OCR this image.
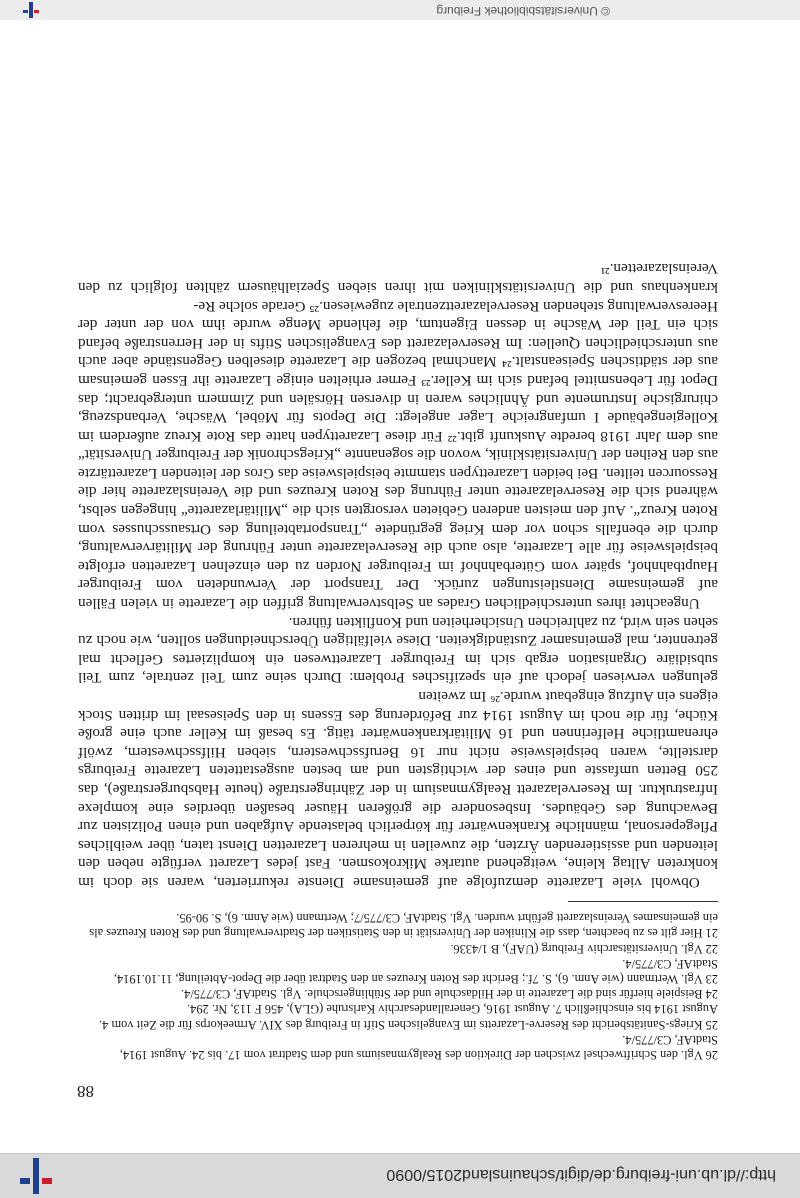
http://dl.ub.uni-freiburg.de/digit/schauinsland2015/0090
88

26 Vgl. den Schriftwechsel zwischen der Direktion des Realgymnasiums und dem Stadtrat vom 17. bis 24. August 1914, StadtAF, C3/775/4.

25 Kriegs-Sanitätsbericht des Reserve-Lazaretts im Evangelischen Stift in Freiburg des XIV. Armeekorps für die Zeit vom 4. August 1914 bis einschließlich 7. August 1916, Generallandesarchiv Karlsruhe (GLA), 456 F 113, Nr. 294.

24 Beispiele hierfür sind die Lazarette in der Hildaschule und der Stühlingerschule. Vgl. StadtAF, C3/775/4.

23 Vgl. Wertmann (wie Anm. 6), S. 7f.; Bericht des Roten Kreuzes an den Stadtrat über die Depot-Abteilung, 11.10.1914, StadtAF, C3/775/4.

22 Vgl. Universitätsarchiv Freiburg (UAF), B 1/4336.

21 Hier gilt es zu beachten, dass die Kliniken der Universität in den Statistiken der Stadtverwaltung und des Roten Kreuzes als ein gemeinsames Vereinslazarett geführt wurden. Vgl. StadtAF, C3/775/7; Wertmann (wie Anm. 6), S. 90-95.

Obwohl viele Lazarette demzufolge auf gemeinsame Dienste rekurrierten, waren sie doch im konkreten Alltag kleine, weitgehend autarke Mikrokosmen. Fast jedes Lazarett verfügte neben den leitenden und assistierenden Ärzten, die zuweilen in mehreren Lazaretten Dienst taten, über weibliches Pflegepersonal, männliche Krankenwärter für körperlich belastende Aufgaben und einen Polizisten zur Bewachung des Gebäudes. Insbesondere die größeren Häuser besaßen überdies eine komplexe Infrastruktur. Im Reservelazarett Realgymnasium in der Zähringerstraße (heute Habsburgerstraße), das 250 Betten umfasste und eines der wichtigsten und am besten ausgestatteten Lazarette Freiburgs darstellte, waren beispielsweise nicht nur 16 Berufsschwestern, sieben Hilfsschwestern, zwölf ehrenamtliche Helferinnen und 16 Militärkrankenwärter tätig. Es besaß im Keller auch eine große Küche, für die noch im August 1914 zur Beförderung des Essens in den Speisesaal im dritten Stock eigens ein Aufzug eingebaut wurde.²⁶ Im zweiten

gelungen verwiesen jedoch auf ein spezifisches Problem: Durch seine zum Teil zentrale, zum Teil subsidiäre Organisation ergab sich im Freiburger Lazarettwesen ein kompliziertes Geflecht mal getrennter, mal gemeinsamer Zuständigkeiten. Diese vielfältigen Überschneidungen sollten, wie noch zu sehen sein wird, zu zahlreichen Unsicherheiten und Konflikten führen.

Ungeachtet ihres unterschiedlichen Grades an Selbstverwaltung griffen die Lazarette in vielen Fällen auf gemeinsame Dienstleistungen zurück. Der Transport der Verwundeten vom Freiburger Hauptbahnhof, später vom Güterbahnhof im Freiburger Norden zu den einzelnen Lazaretten erfolgte beispielsweise für alle Lazarette, also auch die Reservelazarette unter Führung der Militärverwaltung, durch die ebenfalls schon vor dem Krieg gegründete „Transportabteilung des Ortsausschusses vom Roten Kreuz“. Auf den meisten anderen Gebieten versorgten sich die „Militärlazarette“ hingegen selbst, während sich die Reservelazarette unter Führung des Roten Kreuzes und die Vereinslazarette hier die Ressourcen teilten. Bei beiden Lazarettypen stammte beispielsweise das Gros der leitenden Lazarettärzte aus den Reihen der Universitätsklinik, wovon die sogenannte „Kriegschronik der Freiburger Universität“ aus dem Jahr 1918 beredte Auskunft gibt.²² Für diese Lazarettypen hatte das Rote Kreuz außerdem im Kollegiengebäude I umfangreiche Lager angelegt: Die Depots für Möbel, Wäsche, Verbandszeug, chirurgische Instrumente und Ähnliches waren in diversen Hörsälen und Zimmern untergebracht; das Depot für Lebensmittel befand sich im Keller.²³ Ferner erhielten einige Lazarette ihr Essen gemeinsam aus der städtischen Speiseanstalt.²⁴ Manchmal bezogen die Lazarette dieselben Gegenstände aber auch aus unterschiedlichen Quellen: Im Reservelazarett des Evangelischen Stifts in der Herrenstraße befand sich ein Teil der Wäsche in dessen Eigentum, die fehlende Menge wurde ihm von der unter der Heeresverwaltung stehenden Reservelazarettzentrale zugewiesen.²⁵ Gerade solche Re-

krankenhaus und die Universitätskliniken mit ihren sieben Spezialhäusern zählten folglich zu den Vereinslazaretten.²¹

© Universitätsbibliothek Freiburg
